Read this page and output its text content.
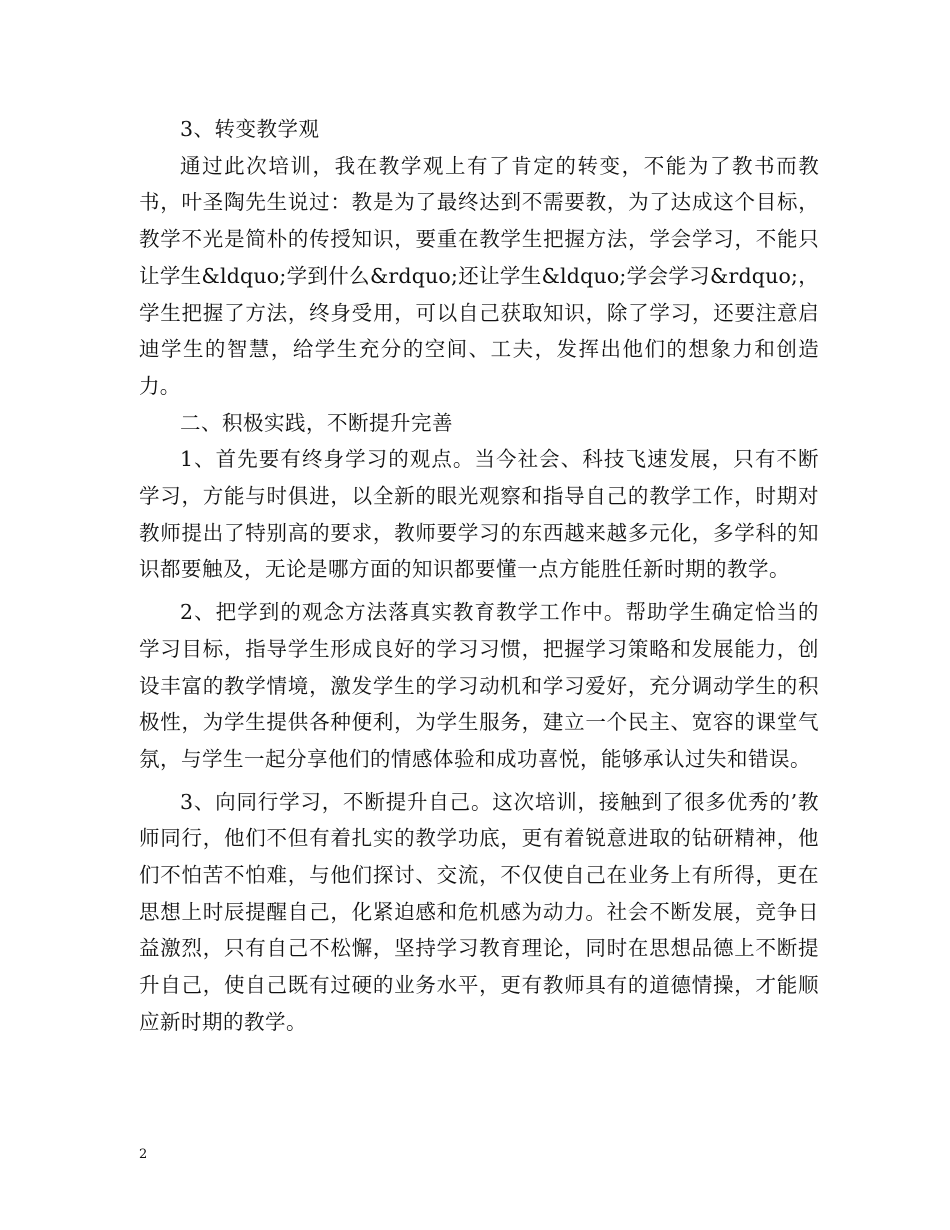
3、转变教学观

通过此次培训，我在教学观上有了肯定的转变，不能为了教书而教书，叶圣陶先生说过：教是为了最终达到不需要教，为了达成这个目标，教学不光是简朴的传授知识，要重在教学生把握方法，学会学习，不能只让学生&ldquo;学到什么&rdquo;还让学生&ldquo;学会学习&rdquo;，学生把握了方法，终身受用，可以自己获取知识，除了学习，还要注意启迪学生的智慧，给学生充分的空间、工夫，发挥出他们的想象力和创造力。

二、积极实践，不断提升完善

1、首先要有终身学习的观点。当今社会、科技飞速发展，只有不断学习，方能与时俱进，以全新的眼光观察和指导自己的教学工作，时期对教师提出了特别高的要求，教师要学习的东西越来越多元化，多学科的知识都要触及，无论是哪方面的知识都要懂一点方能胜任新时期的教学。

2、把学到的观念方法落真实教育教学工作中。帮助学生确定恰当的学习目标，指导学生形成良好的学习习惯，把握学习策略和发展能力，创设丰富的教学情境，激发学生的学习动机和学习爱好，充分调动学生的积极性，为学生提供各种便利，为学生服务，建立一个民主、宽容的课堂气氛，与学生一起分享他们的情感体验和成功喜悦，能够承认过失和错误。

3、向同行学习，不断提升自己。这次培训，接触到了很多优秀的’教师同行，他们不但有着扎实的教学功底，更有着锐意进取的钻研精神，他们不怕苦不怕难，与他们探讨、交流，不仅使自己在业务上有所得，更在思想上时辰提醒自己，化紧迫感和危机感为动力。社会不断发展，竞争日益激烈，只有自己不松懈，坚持学习教育理论，同时在思想品德上不断提升自己，使自己既有过硬的业务水平，更有教师具有的道德情操，才能顺应新时期的教学。

2
